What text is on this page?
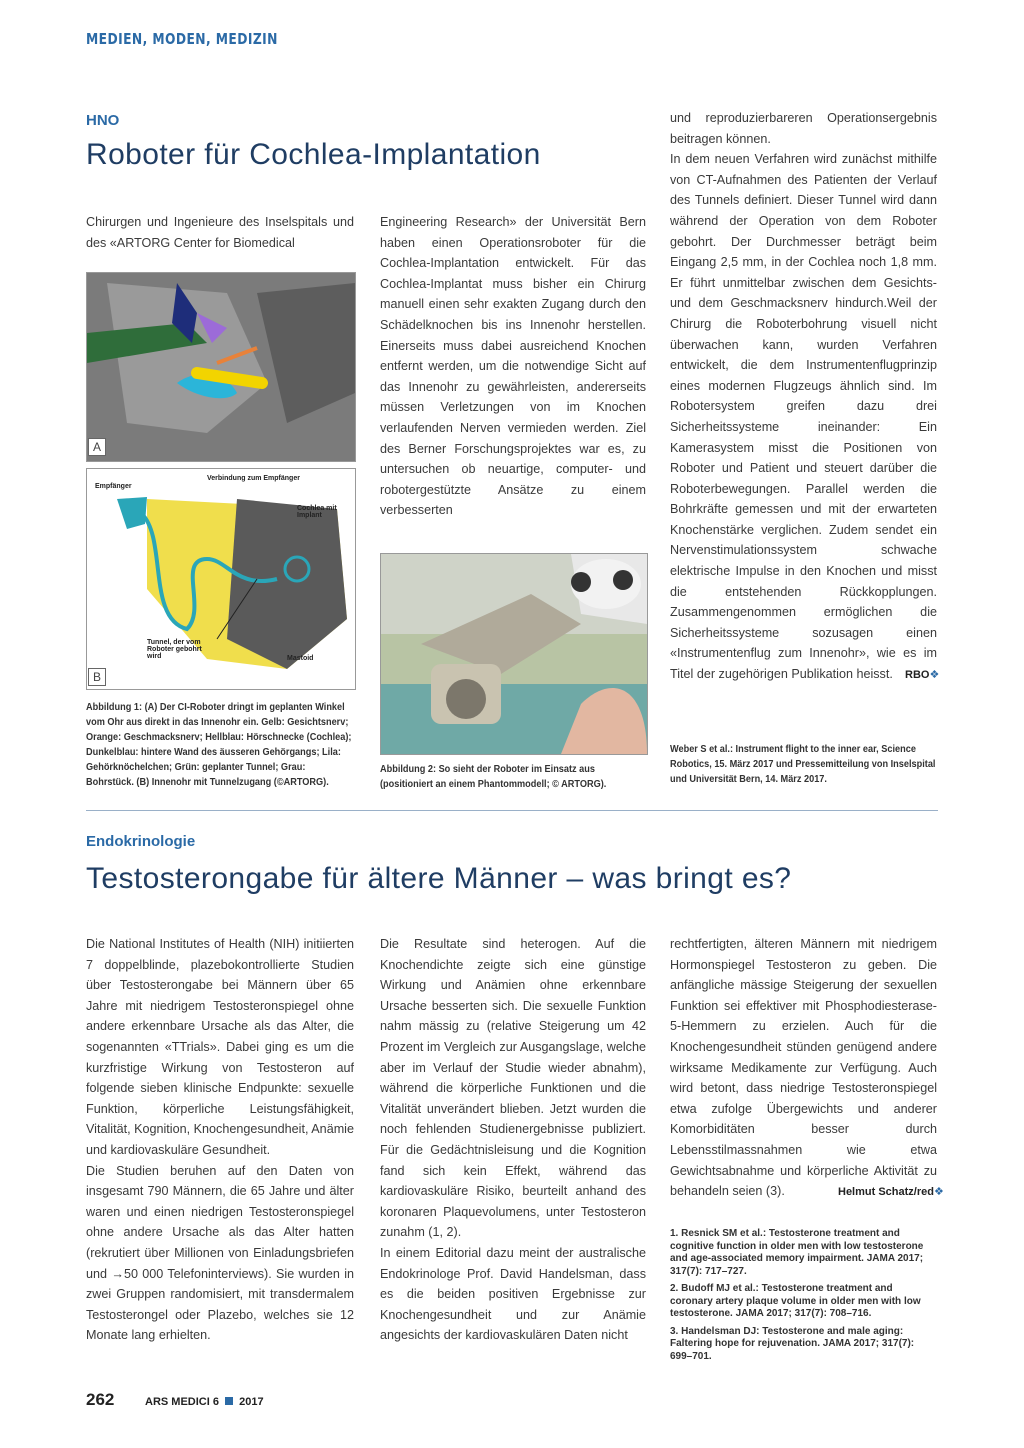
MEDIEN, MODEN, MEDIZIN
HNO
Roboter für Cochlea-Implantation

Chirurgen und Ingenieure des Inselspitals und des «ARTORG Center for Biomedical

A
Empfänger
Verbindung zum Empfänger
Cochlea mit Implant
Tunnel, der vom Roboter gebohrt wird	Mastoid
B
Abbildung 1: (A) Der CI-Roboter dringt im geplanten Winkel vom Ohr aus direkt in das Innenohr ein. Gelb: Gesichtsnerv; Orange: Geschmacksnerv; Hellblau: Hörschnecke (Cochlea); Dunkelblau: hintere Wand des äusseren Gehörgangs; Lila: Gehörknöchelchen; Grün: geplanter Tunnel; Grau: Bohrstück. (B) Innenohr mit Tunnelzugang (©ARTORG).

Engineering Research» der Universität Bern haben einen Operationsroboter für die Cochlea-Implantation entwickelt. Für das Cochlea-Implantat muss bisher ein Chirurg manuell einen sehr exakten Zugang durch den Schädelknochen bis ins Innenohr herstellen. Einerseits muss dabei ausreichend Knochen entfernt werden, um die notwendige Sicht auf das Innenohr zu gewährleisten, andererseits müssen Verletzungen von im Knochen verlaufenden Nerven vermieden werden. Ziel des Berner Forschungsprojektes war es, zu untersuchen ob neuartige, computer- und robotergestützte Ansätze zu einem verbesserten

Abbildung 2: So sieht der Roboter im Einsatz aus (positioniert an einem Phantommodell; © ARTORG).

und reproduzierbareren Operationsergebnis beitragen können.

In dem neuen Verfahren wird zunächst mithilfe von CT-Aufnahmen des Patienten der Verlauf des Tunnels definiert. Dieser Tunnel wird dann während der Operation von dem Roboter gebohrt. Der Durchmesser beträgt beim Eingang 2,5 mm, in der Cochlea noch 1,8 mm. Er führt unmittelbar zwischen dem Gesichts- und dem Geschmacksnerv hindurch.Weil der Chirurg die Roboterbohrung visuell nicht überwachen kann, wurden Verfahren entwickelt, die dem Instrumentenflugprinzip eines modernen Flugzeugs ähnlich sind. Im Robotersystem greifen dazu drei Sicherheitssysteme ineinander: Ein Kamerasystem misst die Positionen von Roboter und Patient und steuert darüber die Roboterbewegungen. Parallel werden die Bohrkräfte gemessen und mit der erwarteten Knochenstärke verglichen. Zudem sendet ein Nervenstimulationssystem schwache elektrische Impulse in den Knochen und misst die entstehenden Rückkopplungen. Zusammengenommen ermöglichen die Sicherheitssysteme sozusagen einen «Instrumentenflug zum Innenohr», wie es im Titel der zugehörigen Publikation heisst.	RBO❖
Weber S et al.: Instrument flight to the inner ear, Science Robotics, 15. März 2017 und Pressemitteilung von Inselspital und Universität Bern, 14. März 2017.
Endokrinologie
Testosterongabe für ältere Männer – was bringt es?

Die National Institutes of Health (NIH) initiierten 7 doppelblinde, plazebokontrollierte Studien über Testosterongabe bei Männern über 65 Jahre mit niedrigem Testosteronspiegel ohne andere erkennbare Ursache als das Alter, die sogenannten «TTrials». Dabei ging es um die kurzfristige Wirkung von Testosteron auf folgende sieben klinische Endpunkte: sexuelle Funktion, körperliche Leistungsfähigkeit, Vitalität, Kognition, Knochengesundheit, Anämie und kardiovaskuläre Gesundheit.

Die Studien beruhen auf den Daten von insgesamt 790 Männern, die 65 Jahre und älter waren und einen niedrigen Testosteronspiegel ohne andere Ursache als das Alter hatten (rekrutiert über Millionen von Einladungsbriefen und →50 000 Telefoninterviews). Sie wurden in zwei Gruppen randomisiert, mit transdermalem Testosterongel oder Plazebo, welches sie 12 Monate lang erhielten.

Die Resultate sind heterogen. Auf die Knochendichte zeigte sich eine günstige Wirkung und Anämien ohne erkennbare Ursache besserten sich. Die sexuelle Funktion nahm mässig zu (relative Steigerung um 42 Prozent im Vergleich zur Ausgangslage, welche aber im Verlauf der Studie wieder abnahm), während die körperliche Funktionen und die Vitalität unverändert blieben. Jetzt wurden die noch fehlenden Studienergebnisse publiziert. Für die Gedächtnisleisung und die Kognition fand sich kein Effekt, während das kardiovaskuläre Risiko, beurteilt anhand des koronaren Plaquevolumens, unter Testosteron zunahm (1, 2).

In einem Editorial dazu meint der australische Endokrinologe Prof. David Handelsman, dass es die beiden positiven Ergebnisse zur Knochengesundheit und zur Anämie angesichts der kardiovaskulären Daten nicht

rechtfertigten, älteren Männern mit niedrigem Hormonspiegel Testosteron zu geben. Die anfängliche mässige Steigerung der sexuellen Funktion sei effektiver mit Phosphodiesterase-5-Hemmern zu erzielen. Auch für die Knochengesundheit stünden genügend andere wirksame Medikamente zur Verfügung. Auch wird betont, dass niedrige Testosteronspiegel etwa zufolge Übergewichts und anderer Komorbiditäten besser durch Lebensstilmassnahmen wie etwa Gewichtsabnahme und körperliche Aktivität zu behandeln seien (3).	Helmut Schatz/red❖
1. Resnick SM et al.: Testosterone treatment and cognitive function in older men with low testosterone and age-associated memory impairment. JAMA 2017; 317(7): 717–727.
2. Budoff MJ et al.: Testosterone treatment and coronary artery plaque volume in older men with low testosterone. JAMA 2017; 317(7): 708–716.
3. Handelsman DJ: Testosterone and male aging: Faltering hope for rejuvenation. JAMA 2017; 317(7): 699–701.
262	ARS MEDICI 6 2017
